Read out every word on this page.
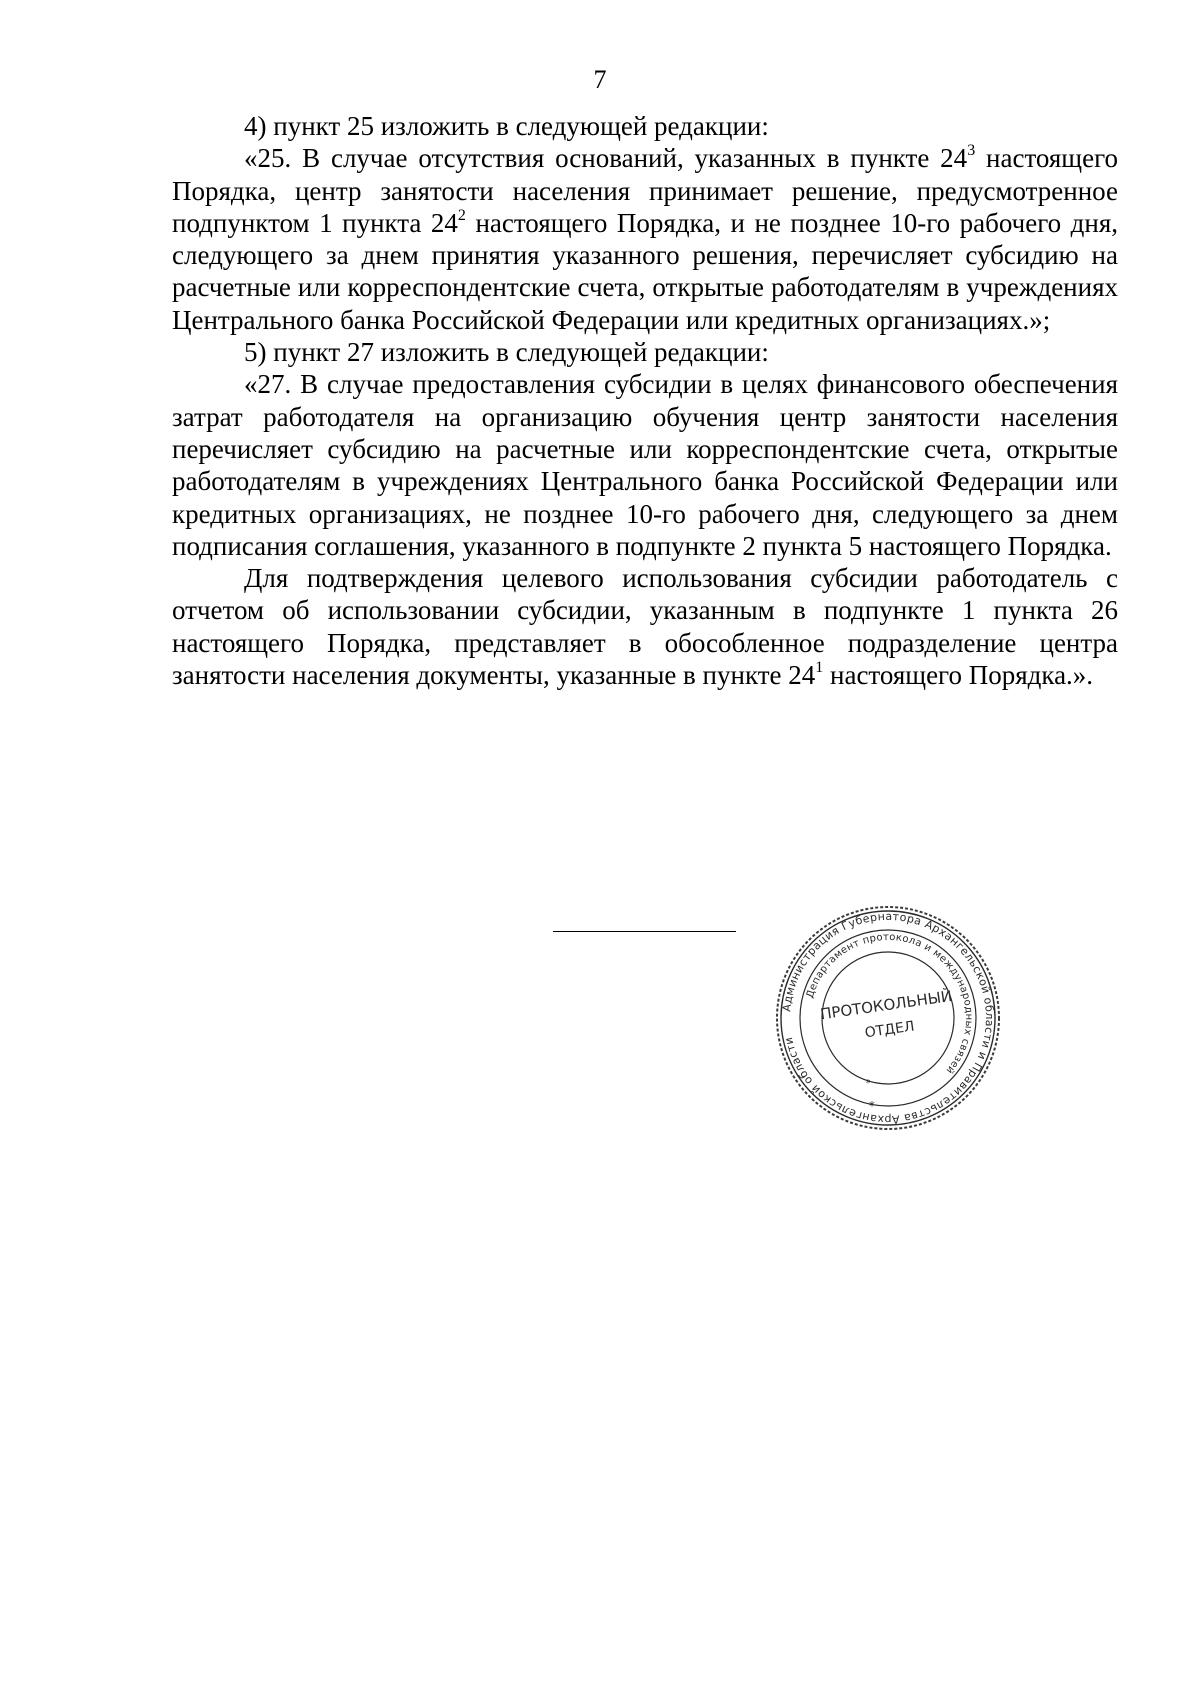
7

4) пункт 25 изложить в следующей редакции:

«25. В случае отсутствия оснований, указанных в пункте $24^3$ настоящего Порядка, центр занятости населения принимает решение, предусмотренное подпунктом 1 пункта $24^2$ настоящего Порядка, и не позднее 10-го рабочего дня, следующего за днем принятия указанного решения, перечисляет субсидию на расчетные или корреспондентские счета, открытые работодателям в учреждениях Центрального банка Российской Федерации или кредитных организациях.»;

5) пункт 27 изложить в следующей редакции:

«27. В случае предоставления субсидии в целях финансового обеспечения затрат работодателя на организацию обучения центр занятости населения перечисляет субсидию на расчетные или корреспондентские счета, открытые работодателям в учреждениях Центрального банка Российской Федерации или кредитных организациях, не позднее 10-го рабочего дня, следующего за днем подписания соглашения, указанного в подпункте 2 пункта 5 настоящего Порядка.

Для подтверждения целевого использования субсидии работодатель с отчетом об использовании субсидии, указанным в подпункте 1 пункта 26 настоящего Порядка, представляет в обособленное подразделение центра занятости населения документы, указанные в пункте $24^1$ настоящего Порядка.».

Администрация Губернатора Архангельской области и Правительства Архангельской области
Департамент протокола и международных связей
ПРОТОКОЛЬНЫЙ
ОТДЕЛ
*
*
